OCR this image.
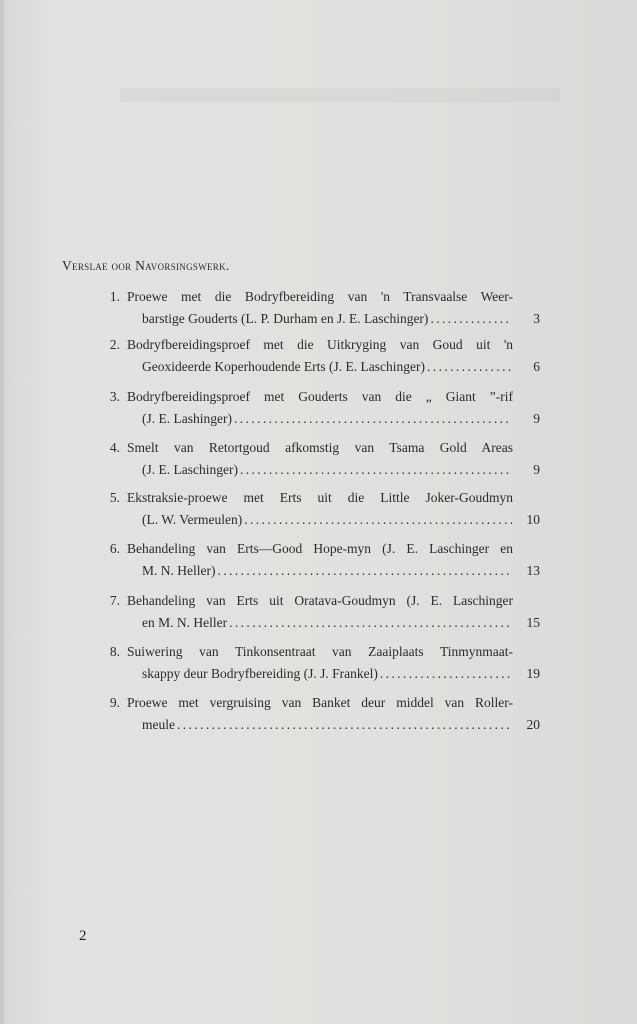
Verslae oor Navorsingswerk.
1. Proewe met die Bodryfbereiding van 'n Transvaalse Weer-
barstige Gouderts (L. P. Durham en J. E. Laschinger) .....	3
2. Bodryfbereidingsproef met die Uitkryging van Goud uit 'n
Geoxideerde Koperhoudende Erts (J. E. Laschinger) .....	6
3. Bodryfbereidingsproef met Gouderts van die „ Giant ”-rif
(J. E. Lashinger) .....	9
4. Smelt van Retortgoud afkomstig van Tsama Gold Areas
(J. E. Laschinger) .....	9
5. Ekstraksie-proewe met Erts uit die Little Joker-Goudmyn
(L. W. Vermeulen) .....	10
6. Behandeling van Erts—Good Hope-myn (J. E. Laschinger en
M. N. Heller) .....	13
7. Behandeling van Erts uit Oratava-Goudmyn (J. E. Laschinger
en M. N. Heller .....	15
8. Suiwering van Tinkonsentraat van Zaaiplaats Tinmynmaat-
skappy deur Bodryfbereiding (J. J. Frankel) .....	19
9. Proewe met vergruising van Banket deur middel van Roller-
meule .....	20
2
